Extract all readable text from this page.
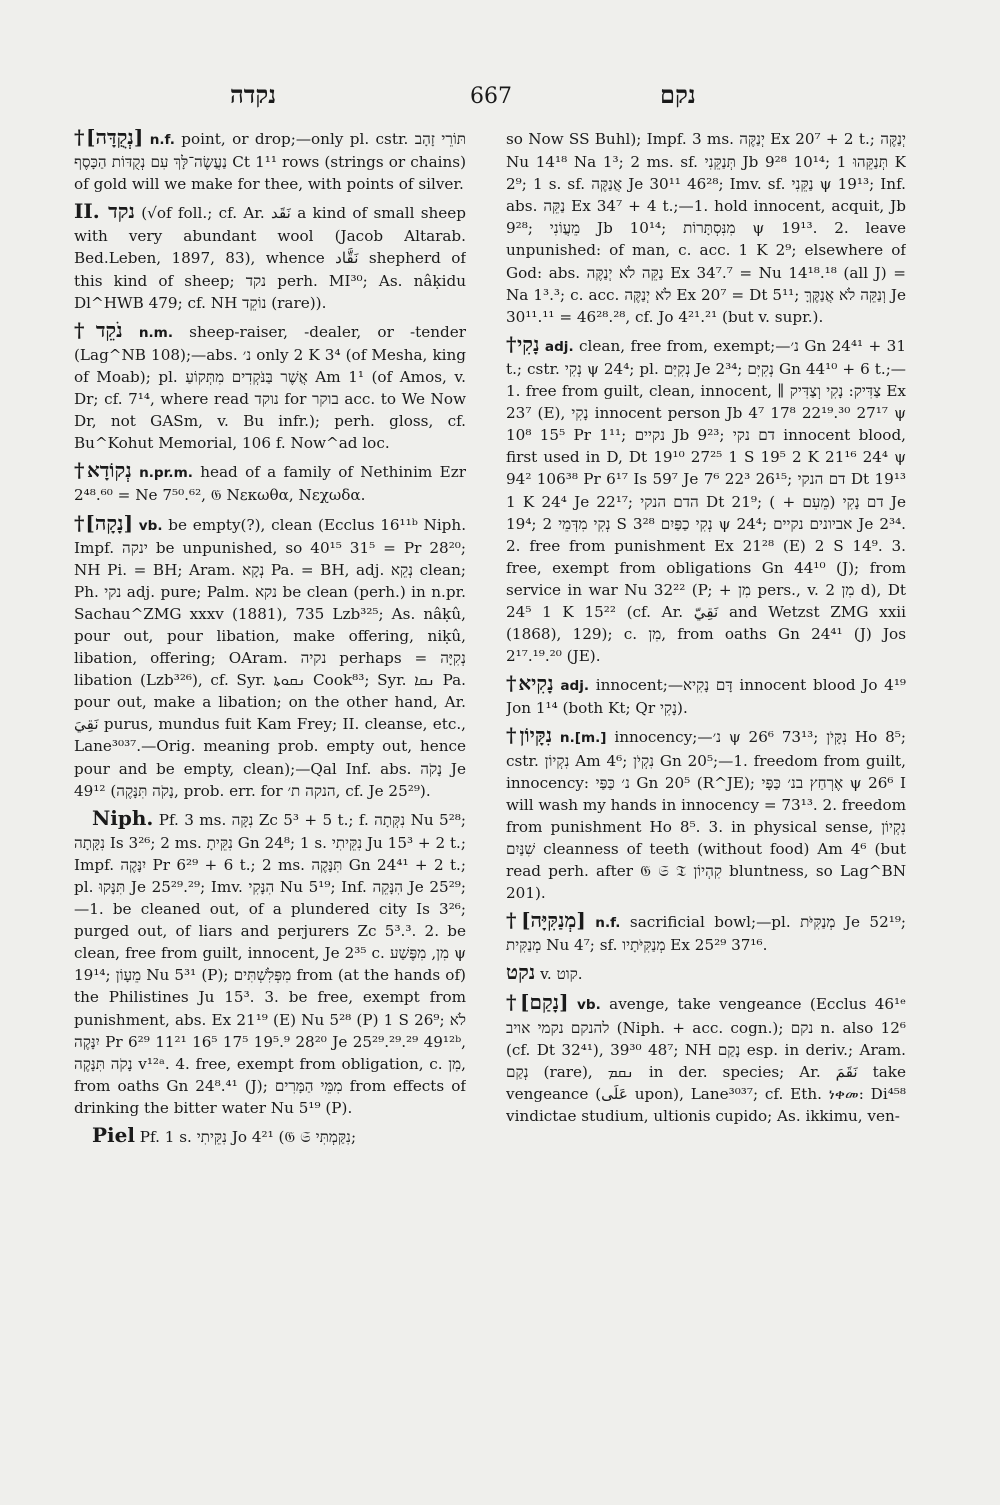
נקדה	667	נקם

†[נְקֻדָּה] n.f. point, or drop;—only pl. cstr. תּוֹרֵי זָהָב נַעֲשֶׂה־לָּךְ עִם נְקֻדּוֹת הַכָּסֶף Ct 1¹¹ rows (strings or chains) of gold will we make for thee, with points of silver.

II. נקד (√of foll.; cf. Ar. نَقَد a kind of small sheep with very abundant wool (Jacob Altarab. Bed.Leben, 1897, 83), whence نَقَّاد shepherd of this kind of sheep; נקד perh. MI³⁰; As. nâḳidu Dl^HWB 479; cf. NH נוֹקֵד (rare)).

†נֹקֵד n.m. sheep-raiser, -dealer, or -tender (Lag^NB 108);—abs. נ׳ only 2 K 3⁴ (of Mesha, king of Moab); pl. אֲשֶׁר בַּנֹּקְדִים מִתְּקוֹעַ Am 1¹ (of Amos, v. Dr; cf. 7¹⁴, where read נוקד for בוקר acc. to We Now Dr, not GASm, v. Bu infr.); perh. gloss, cf. Bu^Kohut Memorial, 106 f. Now^ad loc.

†נְקוֹדָא n.pr.m. head of a family of Nethinim Ezr 2⁴⁸.⁶⁰ = Ne 7⁵⁰.⁶², 𝔊 Νεκωθα, Νεχωδα.

†[נָקָה] vb. be empty(?), clean (Ecclus 16¹¹ᵇ Niph. Impf. ינקה be unpunished, so 40¹⁵ 31⁵ = Pr 28²⁰; NH Pi. = BH; Aram. נְקָא Pa. = BH, adj. נְקֵא clean; Ph. נקי adj. pure; Palm. נקא be clean (perh.) in n.pr. Sachau^ZMG xxxv (1881), 735 Lzb³²⁵; As. nâḳû, pour out, pour libation, make offering, niḳû, libation, offering; OAram. נקיה perhaps = נְקִיָּה libation (Lzb³²⁶), cf. Syr. ܢܩܘܬܐ Cook⁸³; Syr. ܢܩܐ Pa. pour out, make a libation; on the other hand, Ar. نَقِيَ purus, mundus fuit Kam Frey; II. cleanse, etc., Lane³⁰³⁷.—Orig. meaning prob. empty out, hence pour and be empty, clean);—Qal Inf. abs. נָקֹה Je 49¹² (נָקֹה תִּנָּקֶה, prob. err. for הנקה ת׳, cf. Je 25²⁹).

Niph. Pf. 3 ms. נִקָּה Zc 5³ + 5 t.; f. נִקְּתָה Nu 5²⁸; נִקָּתָה Is 3²⁶; 2 ms. נִקֵּיתָ Gn 24⁸; 1 s. נִקֵּיתִי Ju 15³ + 2 t.; Impf. יִנָּקֶה Pr 6²⁹ + 6 t.; 2 ms. תִּנָּקֶה Gn 24⁴¹ + 2 t.; pl. תִּנָּקוּ Je 25²⁹.²⁹; Imv. הִנָּקִי Nu 5¹⁹; Inf. הִנָּקֵה Je 25²⁹;—1. be cleaned out, of a plundered city Is 3²⁶; purged out, of liars and perjurers Zc 5³.³. 2. be clean, free from guilt, innocent, Je 2³⁵ c. מִן, מִפֶּשַׁע ψ 19¹⁴; מֵעָוֹן Nu 5³¹ (P); מִפְּלִשְׁתִּים from (at the hands of) the Philistines Ju 15³. 3. be free, exempt from punishment, abs. Ex 21¹⁹ (E) Nu 5²⁸ (P) 1 S 26⁹; לֹא יִנָּקֶה Pr 6²⁹ 11²¹ 16⁵ 17⁵ 19⁵.⁹ 28²⁰ Je 25²⁹.²⁹.²⁹ 49¹²ᵇ, נָקֹה תִּנָּקֶה v¹²ᵃ. 4. free, exempt from obligation, c. מִן, from oaths Gn 24⁸.⁴¹ (J); מִמֵּי הַמָּרִים from effects of drinking the bitter water Nu 5¹⁹ (P).

Piel Pf. 1 s. נִקֵּיתִי Jo 4²¹ (𝔊 𝔖 נִקַּמְתִּי;

so Now SS Buhl); Impf. 3 ms. יְנַקֶּה Ex 20⁷ + 2 t.; יְנַקֶּה Nu 14¹⁸ Na 1³; 2 ms. sf. תְּנַקֵּנִי Jb 9²⁸ 10¹⁴; תְּנַקֵּהוּ 1 K 2⁹; 1 s. sf. אֲנַקֶּה Je 30¹¹ 46²⁸; Imv. sf. נַקֵּנִי ψ 19¹³; Inf. abs. נַקֵּה Ex 34⁷ + 4 t.;—1. hold innocent, acquit, Jb 9²⁸; מֵעֲוֹנִי Jb 10¹⁴; מִנִּסְתָּרוֹת ψ 19¹³. 2. leave unpunished: of man, c. acc. 1 K 2⁹; elsewhere of God: abs. נַקֵּה לֹא יְנַקֶּה Ex 34⁷.⁷ = Nu 14¹⁸.¹⁸ (all J) = Na 1³.³; c. acc. לֹא יְנַקֶּה Ex 20⁷ = Dt 5¹¹; וְנַקֵּה לֹא אֲנַקֶּךָּ Je 30¹¹.¹¹ = 46²⁸.²⁸, cf. Jo 4²¹.²¹ (but v. supr.).

†נָקִי adj. clean, free from, exempt;—נ׳ Gn 24⁴¹ + 31 t.; cstr. נְקִי ψ 24⁴; pl. נְקִיִּם Je 2³⁴; נְקִיִּם Gn 44¹⁰ + 6 t.;—1. free from guilt, clean, innocent, ∥ צַדִּיק: נָקִי וְצַדִּיק Ex 23⁷ (E), נָקִי innocent person Jb 4⁷ 17⁸ 22¹⁹.³⁰ 27¹⁷ ψ 10⁸ 15⁵ Pr 1¹¹; נקיים Jb 9²³; דם נקי innocent blood, first used in D, Dt 19¹⁰ 27²⁵ 1 S 19⁵ 2 K 21¹⁶ 24⁴ ψ 94² 106³⁸ Pr 6¹⁷ Is 59⁷ Je 7⁶ 22³ 26¹⁵; דם הנקי Dt 19¹³ 1 K 24⁴ Je 22¹⁷; הדם הנקי Dt 21⁹; דם נָקִי (מֵעִם + ) Je 19⁴; נְקִי מִדְּמֵי 2 S 3²⁸ נְקִי כַפַּיִם ψ 24⁴; אביונים נקיים Je 2³⁴. 2. free from punishment Ex 21²⁸ (E) 2 S 14⁹. 3. free, exempt from obligations Gn 44¹⁰ (J); from service in war Nu 32²² (P; + מִן pers., v. מִן 2 d), Dt 24⁵ 1 K 15²² (cf. Ar. نَقِيّ and Wetzst ZMG xxii (1868), 129); c. מִן, from oaths Gn 24⁴¹ (J) Jos 2¹⁷.¹⁹.²⁰ (JE).

†נָקִיא adj. innocent;—דָּם נָקִיא innocent blood Jo 4¹⁹ Jon 1¹⁴ (both Kt; Qr נָקִי).

†נִקָּיוֹן n.[m.] innocency;—נ׳ ψ 26⁶ 73¹³; נִקָּיֹן Ho 8⁵; cstr. נִקְיוֹן Am 4⁶; נִקְיֹן Gn 20⁵;—1. freedom from guilt, innocency: נ׳ כַּפַּי Gn 20⁵ (R^JE); אֶרְחַץ בנ׳ כַּפָּי ψ 26⁶ I will wash my hands in innocency = 73¹³. 2. freedom from punishment Ho 8⁵. 3. in physical sense, נִקְיוֹן שִׁנַּיִם cleanness of teeth (without food) Am 4⁶ (but read perh. after 𝔊 𝔖 𝔗 קִהְיוֹן bluntness, so Lag^BN 201).

†[מְנַקִּיָּה] n.f. sacrificial bowl;—pl. מְנַקִּיֹּת Je 52¹⁹; מְנַקִּית Nu 4⁷; sf. מְנַקִּיֹּתָיו Ex 25²⁹ 37¹⁶.

נקט v. קוט.

†[נָקַם] vb. avenge, take vengeance (Ecclus 46¹ᵉ להנקם נקמי אויב (Niph. + acc. cogn.); נקם n. also 12⁶ (cf. Dt 32⁴¹), 39³⁰ 48⁷; NH נָקַם esp. in deriv.; Aram. נְקַם (rare), ܢܩܡ in der. species; Ar. نَقَمَ take vengeance (عَلَى upon), Lane³⁰³⁷; cf. Eth. ነቀመ: Di⁴⁵⁸ vindictae studium, ultionis cupido; As. ikkimu, ven-
